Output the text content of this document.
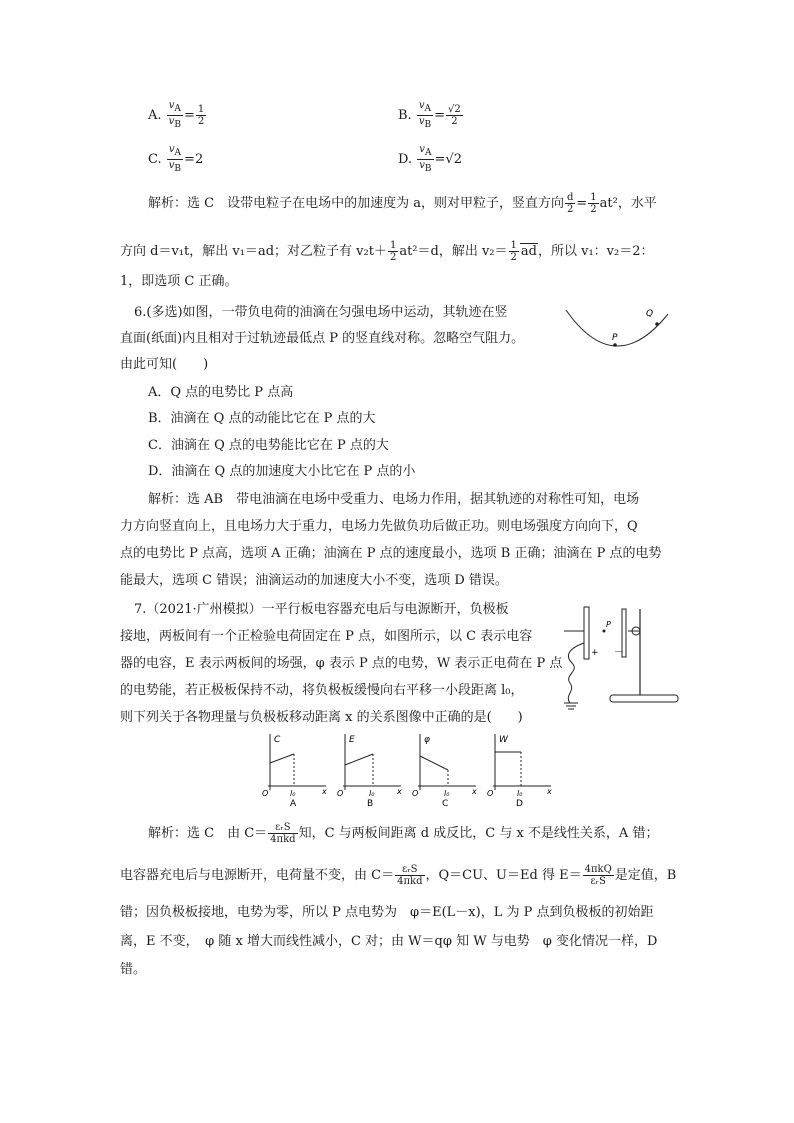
A. $\frac{vA}{vB} = \frac{1}{2}$	B. $\frac{vA}{vB} = \frac{√2}{2}$
C. $\frac{vA}{vB} =2$	D. $\frac{vA}{vB} =√2$
解析：选 C　设带电粒子在电场中的加速度为 a，则对甲粒子，竖直方向 $\frac{d}{2} = \frac{1}{2} at^2$，水平
方向 d＝v₁t，解出 v₁＝ad；对乙粒子有 $v_2t+ \frac{1}{2} at^2=d$，解出 $v_2= \frac{1}{2}$ ad，所以 v₁：v₂＝2：
1，即选项 C 正确。
6.(多选)如图，一带负电荷的油滴在匀强电场中运动，其轨迹在竖
直面(纸面)内且相对于过轨迹最低点 P 的竖直线对称。忽略空气阻力。
由此可知(　　)
P
Q
A．Q 点的电势比 P 点高
B．油滴在 Q 点的动能比它在 P 点的大
C．油滴在 Q 点的电势能比它在 P 点的大
D．油滴在 Q 点的加速度大小比它在 P 点的小
解析：选 AB　带电油滴在电场中受重力、电场力作用，据其轨迹的对称性可知，电场
力方向竖直向上，且电场力大于重力，电场力先做负功后做正功。则电场强度方向向下，Q
点的电势比 P 点高，选项 A 正确；油滴在 P 点的速度最小，选项 B 正确；油滴在 P 点的电势
能最大，选项 C 错误；油滴运动的加速度大小不变，选项 D 错误。
7.（2021·广州模拟）一平行板电容器充电后与电源断开，负极板
接地，两板间有一个正检验电荷固定在 P 点，如图所示，以 C 表示电容
器的电容，E 表示两板间的场强，φ 表示 P 点的电势，W 表示正电荷在 P 点
的电势能，若正极板保持不动，将负极板缓慢向右平移一小段距离 l₀，
则下列关于各物理量与负极板移动距离 x 的关系图像中正确的是(　　)
+ －
P
C
O	l₀	x
A
E
O	l₀	x
B
φ
O	l₀	x
C
W
O	l₀	x
D
解析：选 C　由 $C= \frac{\text{εᵣS}}{\text{4πkd}}$ 知，C 与两板间距离 d 成反比，C 与 x 不是线性关系，A 错；
电容器充电后与电源断开，电荷量不变，由 $C= \frac{\text{εᵣS}}{\text{4πkd}}$ ，Q＝CU、U＝Ed 得 $E= \frac{\text{4πkQ}}{\text{εᵣS}}$ 是定值，B
错；因负极板接地，电势为零，所以 P 点电势为　φ＝E(L－x)，L 为 P 点到负极板的初始距
离，E 不变，　φ 随 x 增大而线性减小，C 对；由 W＝qφ 知 W 与电势　φ 变化情况一样，D
错。
